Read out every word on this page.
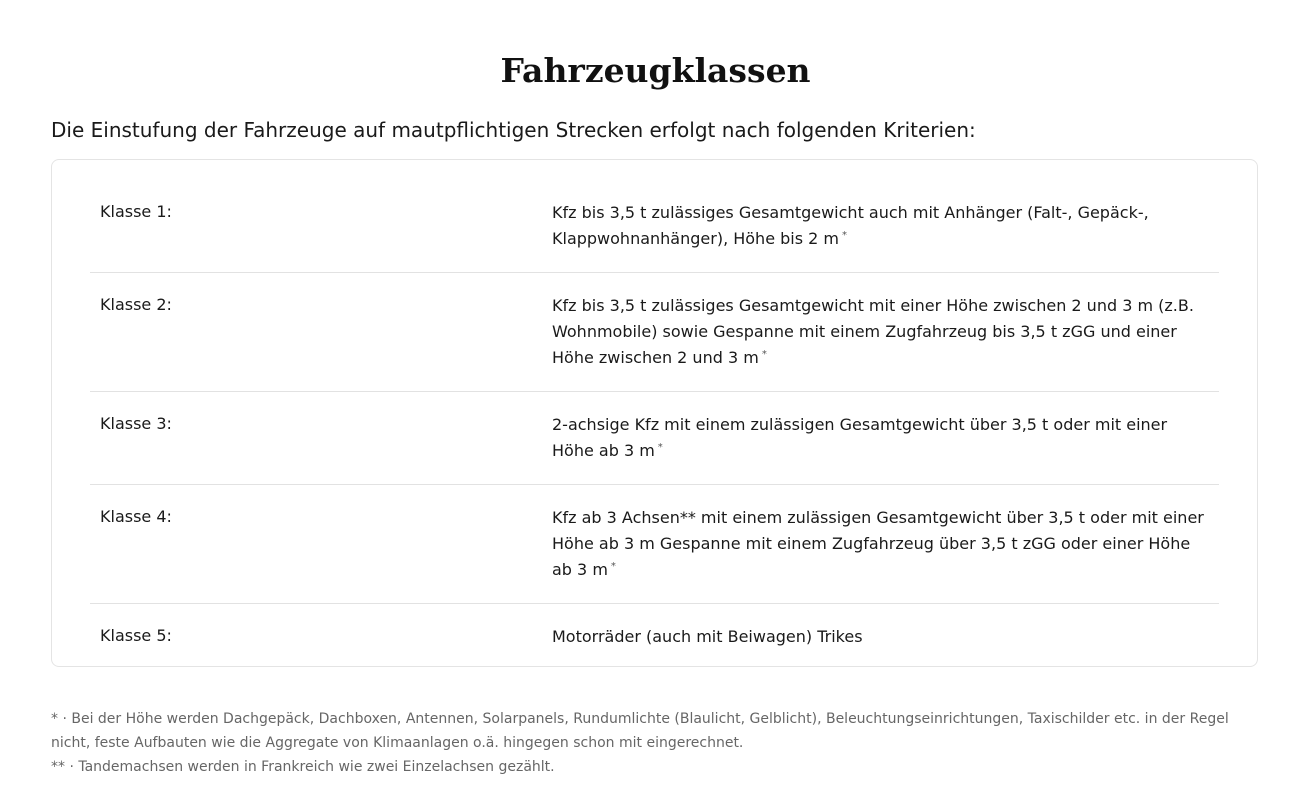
Fahrzeugklassen

Die Einstufung der Fahrzeuge auf mautpflichtigen Strecken erfolgt nach folgenden Kriterien:

Klasse 1:	Kfz bis 3,5 t zulässiges Gesamtgewicht auch mit Anhänger (Falt-, Gepäck-, Klappwohnanhänger), Höhe bis 2 m *
Klasse 2:	Kfz bis 3,5 t zulässiges Gesamtgewicht mit einer Höhe zwischen 2 und 3 m (z.B. Wohnmobile) sowie Gespanne mit einem Zugfahrzeug bis 3,5 t zGG und einer Höhe zwischen 2 und 3 m *
Klasse 3:	2-achsige Kfz mit einem zulässigen Gesamtgewicht über 3,5 t oder mit einer Höhe ab 3 m *
Klasse 4:	Kfz ab 3 Achsen** mit einem zulässigen Gesamtgewicht über 3,5 t oder mit einer Höhe ab 3 m Gespanne mit einem Zugfahrzeug über 3,5 t zGG oder einer Höhe ab 3 m *
Klasse 5:	Motorräder (auch mit Beiwagen) Trikes

* · Bei der Höhe werden Dachgepäck, Dachboxen, Antennen, Solarpanels, Rundumlichte (Blaulicht, Gelblicht), Beleuchtungseinrichtungen, Taxischilder etc. in der Regel nicht, feste Aufbauten wie die Aggregate von Klimaanlagen o.ä. hingegen schon mit eingerechnet.

** · Tandemachsen werden in Frankreich wie zwei Einzelachsen gezählt.
